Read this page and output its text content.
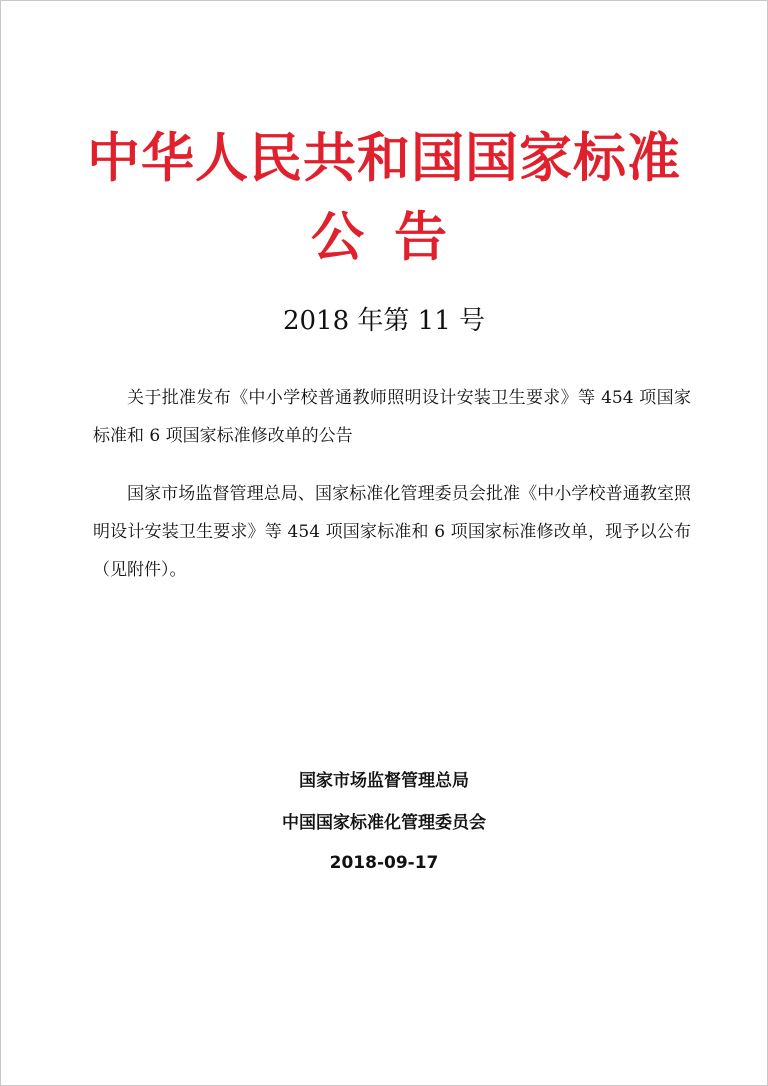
中华人民共和国国家标准
公告
2018 年第 11 号

关于批准发布《中小学校普通教师照明设计安装卫生要求》等 454 项国家标准和 6 项国家标准修改单的公告

国家市场监督管理总局、国家标准化管理委员会批准《中小学校普通教室照明设计安装卫生要求》等 454 项国家标准和 6 项国家标准修改单，现予以公布（见附件）。

国家市场监督管理总局
中国国家标准化管理委员会
2018-09-17
